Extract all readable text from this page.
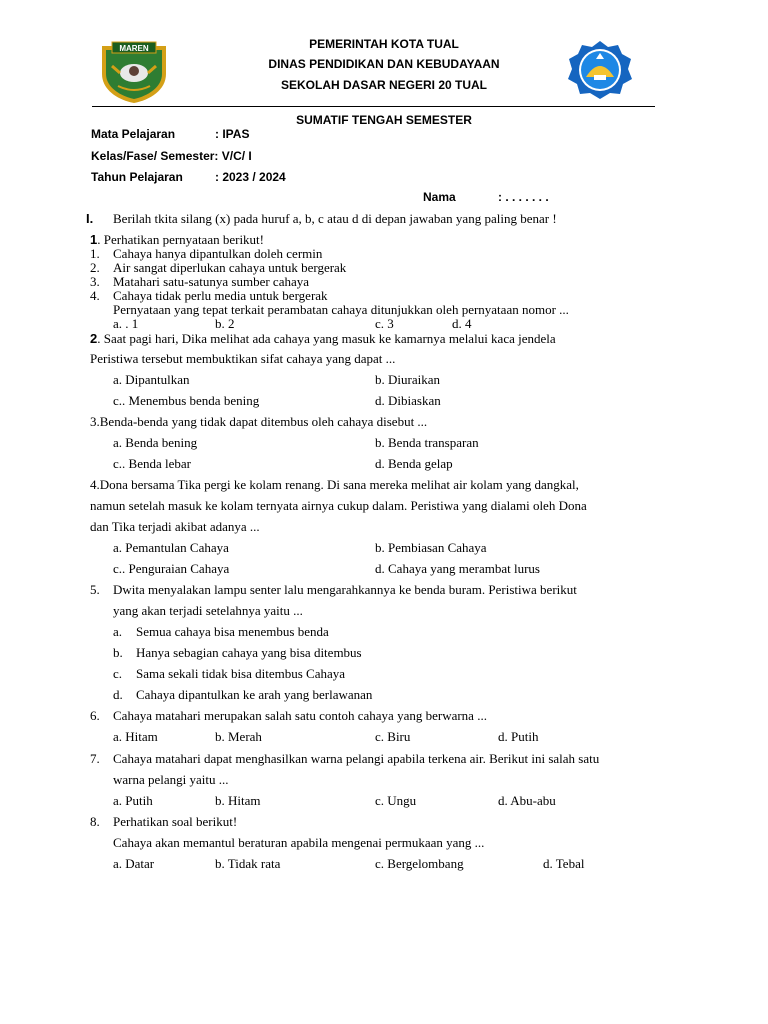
MAREN	PEMERINTAH KOTA TUAL
DINAS PENDIDIKAN DAN KEBUDAYAAN
SEKOLAH DASAR NEGERI 20 TUAL
SUMATIF TENGAH SEMESTER
Mata Pelajaran	: IPAS
Kelas/Fase/ Semester: V/C/ I
Tahun Pelajaran	: 2023 / 2024
Nama	: . . . . . . .
I. Berilah tkita silang (x) pada huruf a, b, c atau d di depan jawaban yang paling benar !
1. Perhatikan pernyataan berikut!
1. Cahaya hanya dipantulkan doleh cermin
2. Air sangat diperlukan cahaya untuk bergerak
3. Matahari satu-satunya sumber cahaya
4. Cahaya tidak perlu media untuk bergerak
Pernyataan yang tepat terkait perambatan cahaya ditunjukkan oleh pernyataan nomor ...
a. . 1	b. 2	c. 3	d. 4
2. Saat pagi hari, Dika melihat ada cahaya yang masuk ke kamarnya melalui kaca jendela
Peristiwa tersebut membuktikan sifat cahaya yang dapat ...
a. Dipantulkan	b. Diuraikan
c.. Menembus benda bening	d. Dibiaskan
3.Benda-benda yang tidak dapat ditembus oleh cahaya disebut ...
a. Benda bening	b. Benda transparan
c.. Benda lebar	d. Benda gelap
4.Dona bersama Tika pergi ke kolam renang. Di sana mereka melihat air kolam yang dangkal,
namun setelah masuk ke kolam ternyata airnya cukup dalam. Peristiwa yang dialami oleh Dona
dan Tika terjadi akibat adanya ...
a. Pemantulan Cahaya	b. Pembiasan Cahaya
c.. Penguraian Cahaya	d. Cahaya yang merambat lurus
5. Dwita menyalakan lampu senter lalu mengarahkannya ke benda buram. Peristiwa berikut
yang akan terjadi setelahnya yaitu ...
a. Semua cahaya bisa menembus benda
b. Hanya sebagian cahaya yang bisa ditembus
c. Sama sekali tidak bisa ditembus Cahaya
d. Cahaya dipantulkan ke arah yang berlawanan
6. Cahaya matahari merupakan salah satu contoh cahaya yang berwarna ...
a. Hitam	b. Merah	c. Biru	d. Putih
7. Cahaya matahari dapat menghasilkan warna pelangi apabila terkena air. Berikut ini salah satu
warna pelangi yaitu ...
a. Putih	b. Hitam	c. Ungu	d. Abu-abu
8. Perhatikan soal berikut!
Cahaya akan memantul beraturan apabila mengenai permukaan yang ...
a. Datar	b. Tidak rata	c. Bergelombang	d. Tebal
